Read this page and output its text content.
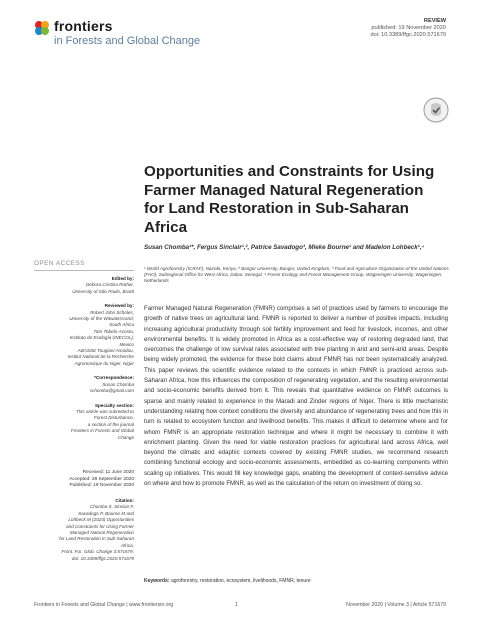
frontiers
in Forests and Global Change
REVIEW
published: 19 November 2020
doi: 10.3389/ffgc.2020.571679
Opportunities and Constraints for Using Farmer Managed Natural Regeneration for Land Restoration in Sub-Saharan Africa
Susan Chomba¹*, Fergus Sinclair¹,², Patrice Savadogo³, Mieke Bourne¹ and Madelon Lohbeck¹,⁴
¹ World Agroforestry (ICRAF), Nairobi, Kenya, ² Bangor University, Bangor, United Kingdom, ³ Food and Agriculture Organization of the United Nations (FAO), Subregional Office for West Africa, Dakar, Senegal, ⁴ Forest Ecology and Forest Management Group, Wageningen University, Wageningen, Netherlands
Farmer Managed Natural Regeneration (FMNR) comprises a set of practices used by farmers to encourage the growth of native trees on agricultural land. FMNR is reported to deliver a number of positive impacts, including increasing agricultural productivity through soil fertility improvement and feed for livestock, incomes, and other environmental benefits. It is widely promoted in Africa as a cost-effective way of restoring degraded land, that overcomes the challenge of low survival rates associated with tree planting in arid and semi-arid areas. Despite being widely promoted, the evidence for these bold claims about FMNR has not been systematically analyzed. This paper reviews the scientific evidence related to the contexts in which FMNR is practiced across sub-Saharan Africa, how this influences the composition of regenerating vegetation, and the resulting environmental and socio-economic benefits derived from it. This reveals that quantitative evidence on FMNR outcomes is sparse and mainly related to experience in the Maradi and Zinder regions of Niger. There is little mechanistic understanding relating how context conditions the diversity and abundance of regenerating trees and how this in turn is related to ecosystem function and livelihood benefits. This makes it difficult to determine where and for whom FMNR is an appropriate restoration technique and where it might be necessary to combine it with enrichment planting. Given the need for viable restoration practices for agricultural land across Africa, well beyond the climatic and edaphic contexts covered by existing FMNR studies, we recommend research combining functional ecology and socio-economic assessments, embedded as co-learning components within scaling up initiatives. This would fill key knowledge gaps, enabling the development of context-sensitive advice on where and how to promote FMNR, as well as the calculation of the return on investment of doing so.
Keywords: agroforestry, restoration, ecosystem, livelihoods, FMNR, tenure
OPEN ACCESS
Edited by:
Debora Cristina Rother,
University of São Paulo, Brazil
Reviewed by:
Robert John Scholes,
University of the Witwatersrand,
South Africa
Taïn Tobelo-Acosta,
Instituto de Ecología (INECOL),
Mexico
ABASSE Tougiani Amadou,
Institut National de la Recherche
Agronomique du Niger, Niger
*Correspondence:
Susan Chomba
schomba@gmail.com
Specialty section:
This article was submitted to
Forest Disturbance,
a section of the journal
Frontiers in Forests and Global
Change
Received: 11 June 2020
Accepted: 28 September 2020
Published: 19 November 2020
Citation:
Chomba S, Sinclair F,
Savadogo P, Bourne M and
Lohbeck M (2020) Opportunities
and Constraints for Using Farmer
Managed Natural Regeneration
for Land Restoration in Sub-Saharan
Africa.
Front. For. Glob. Change 3:571679.
doi: 10.3389/ffgc.2020.571679
Frontiers in Forests and Global Change | www.frontiersin.org	1	November 2020 | Volume 3 | Article 571679
